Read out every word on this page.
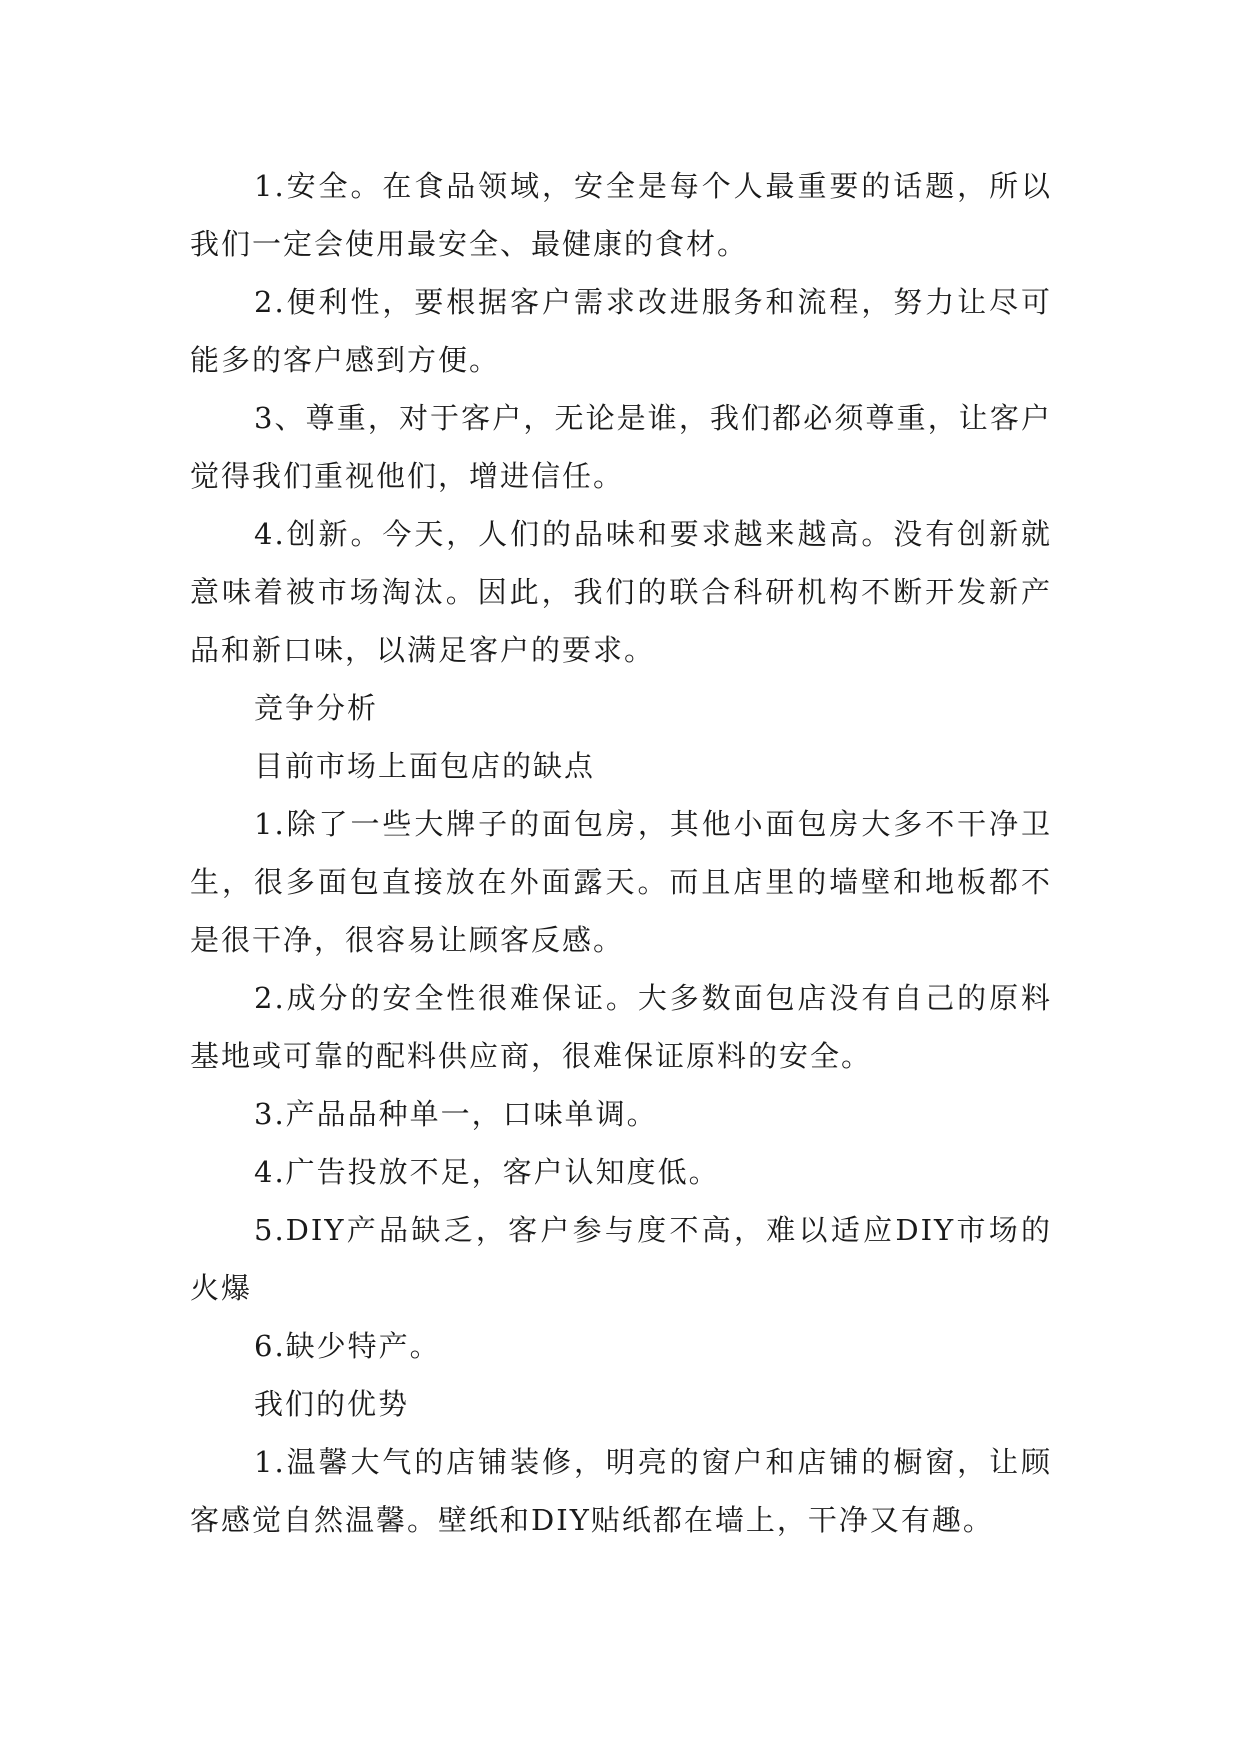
1.安全。在食品领域，安全是每个人最重要的话题，所以我们一定会使用最安全、最健康的食材。

2.便利性，要根据客户需求改进服务和流程，努力让尽可能多的客户感到方便。

3、尊重，对于客户，无论是谁，我们都必须尊重，让客户觉得我们重视他们，增进信任。

4.创新。今天，人们的品味和要求越来越高。没有创新就意味着被市场淘汰。因此，我们的联合科研机构不断开发新产品和新口味，以满足客户的要求。

竞争分析

目前市场上面包店的缺点

1.除了一些大牌子的面包房，其他小面包房大多不干净卫生，很多面包直接放在外面露天。而且店里的墙壁和地板都不是很干净，很容易让顾客反感。

2.成分的安全性很难保证。大多数面包店没有自己的原料基地或可靠的配料供应商，很难保证原料的安全。

3.产品品种单一，口味单调。

4.广告投放不足，客户认知度低。

5.DIY产品缺乏，客户参与度不高，难以适应DIY市场的火爆

6.缺少特产。

我们的优势

1.温馨大气的店铺装修，明亮的窗户和店铺的橱窗，让顾客感觉自然温馨。壁纸和DIY贴纸都在墙上，干净又有趣。
